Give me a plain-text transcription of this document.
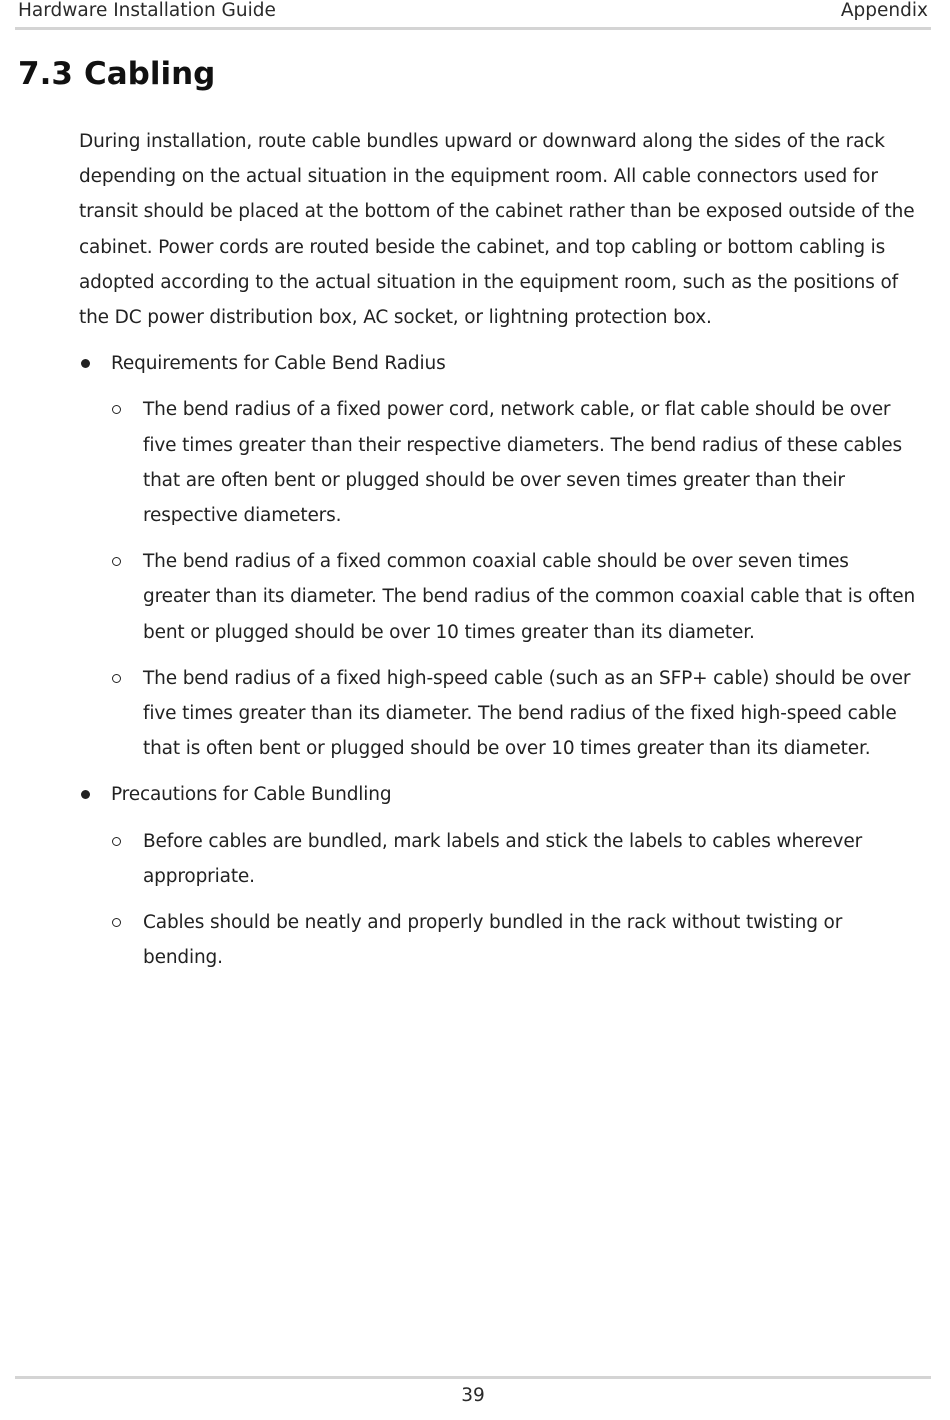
Hardware Installation Guide	Appendix
7.3 Cabling

During installation, route cable bundles upward or downward along the sides of the rack depending on the actual situation in the equipment room. All cable connectors used for transit should be placed at the bottom of the cabinet rather than be exposed outside of the cabinet. Power cords are routed beside the cabinet, and top cabling or bottom cabling is adopted according to the actual situation in the equipment room, such as the positions of the DC power distribution box, AC socket, or lightning protection box.

Requirements for Cable Bend Radius
The bend radius of a fixed power cord, network cable, or flat cable should be over five times greater than their respective diameters. The bend radius of these cables that are often bent or plugged should be over seven times greater than their respective diameters.
The bend radius of a fixed common coaxial cable should be over seven times greater than its diameter. The bend radius of the common coaxial cable that is often bent or plugged should be over 10 times greater than its diameter.
The bend radius of a fixed high-speed cable (such as an SFP+ cable) should be over five times greater than its diameter. The bend radius of the fixed high-speed cable that is often bent or plugged should be over 10 times greater than its diameter.
Precautions for Cable Bundling
Before cables are bundled, mark labels and stick the labels to cables wherever appropriate.
Cables should be neatly and properly bundled in the rack without twisting or bending.
39
